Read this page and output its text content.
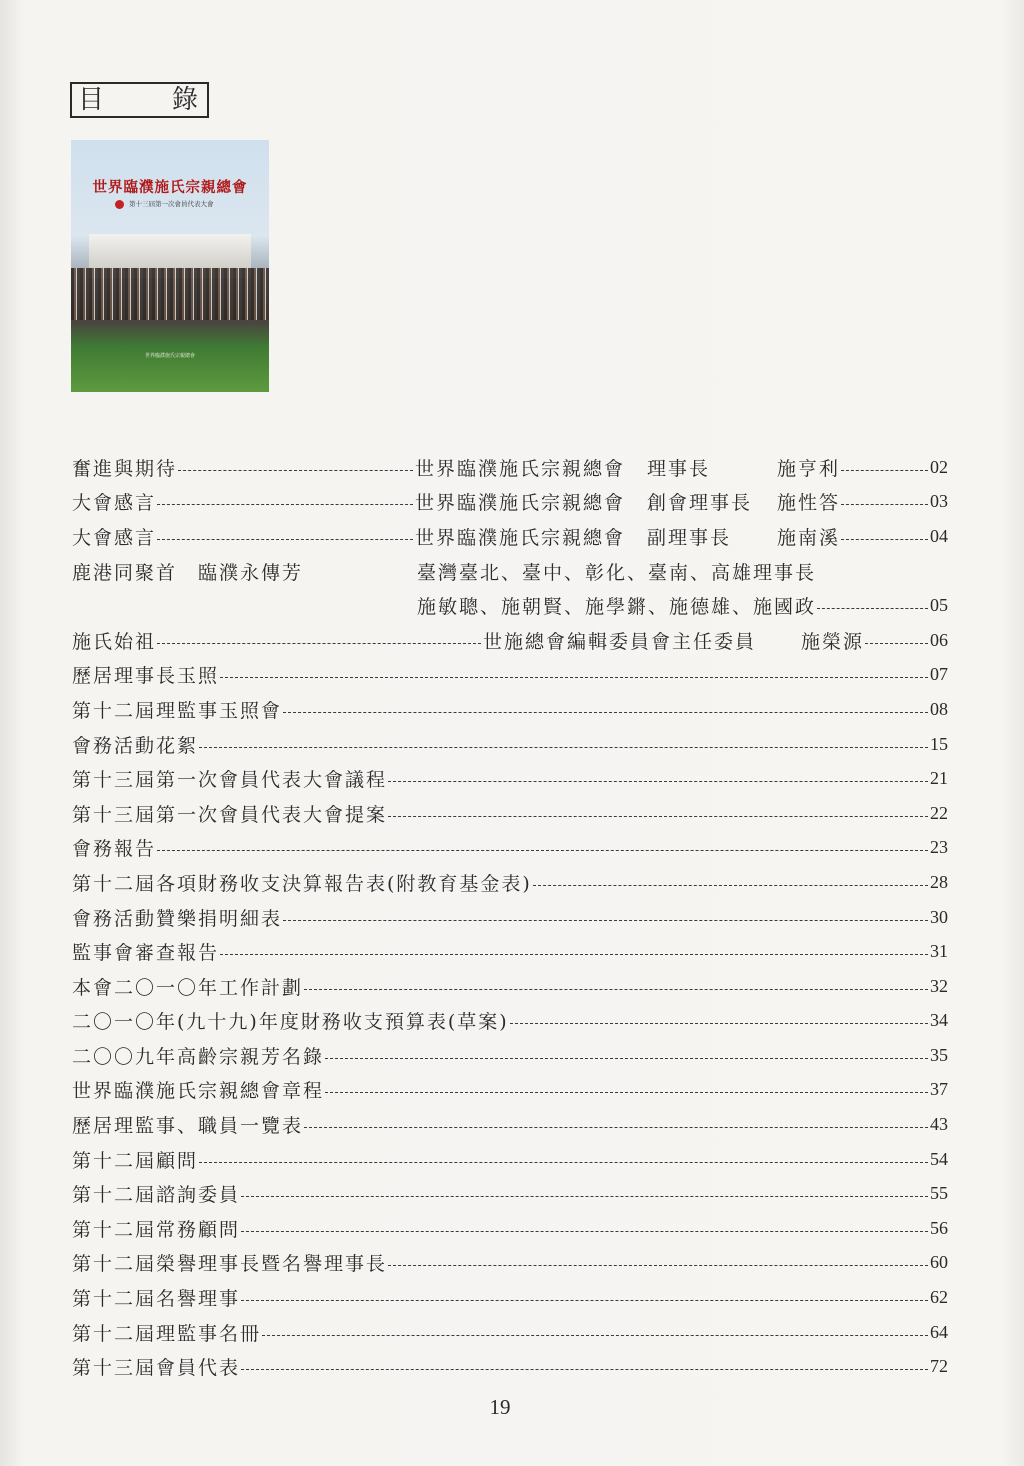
目	錄
世界臨濮施氏宗親總會
第十三屆第一次會員代表大會
世界臨濮施氏宗親總會
奮進與期待	世界臨濮施氏宗親總會 理事長	施亨利	02
大會感言	世界臨濮施氏宗親總會 創會理事長	施性答	03
大會感言	世界臨濮施氏宗親總會 副理事長	施南溪	04
鹿港同聚首　臨濮永傳芳	臺灣臺北、臺中、彰化、臺南、高雄理事長
施敏聰、施朝賢、施學鏘、施德雄、施國政	05
施氏始祖	世施總會編輯委員會主任委員	施榮源	06
歷居理事長玉照	07
第十二屆理監事玉照會	08
會務活動花絮	15
第十三屆第一次會員代表大會議程	21
第十三屆第一次會員代表大會提案	22
會務報告	23
第十二屆各項財務收支決算報告表(附教育基金表)	28
會務活動贊樂捐明細表	30
監事會審查報告	31
本會二〇一〇年工作計劃	32
二〇一〇年(九十九)年度財務收支預算表(草案)	34
二〇〇九年高齡宗親芳名錄	35
世界臨濮施氏宗親總會章程	37
歷居理監事、職員一覽表	43
第十二屆顧問	54
第十二屆諮詢委員	55
第十二屆常務顧問	56
第十二屆榮譽理事長暨名譽理事長	60
第十二屆名譽理事	62
第十二屆理監事名冊	64
第十三屆會員代表	72
19
